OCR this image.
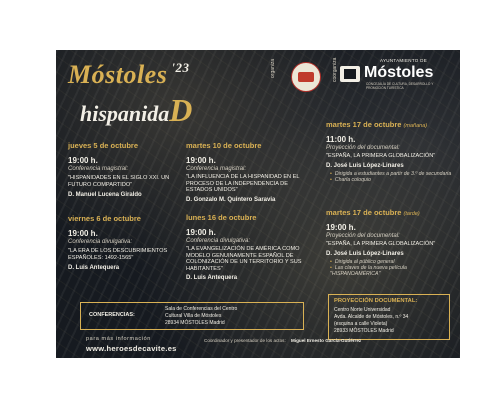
Móstoles $^{'23}$
hispanidaD
organiza	coorganiza	AYUNTAMIENTO DE
Móstoles
CONCEJALÍA DE CULTURA, DESARROLLO Y PROMOCIÓN TURÍSTICA
jueves 5 de octubre
19:00 h.
Conferencia magistral:
"HISPANIDADES EN EL SIGLO XXI. UN FUTURO COMPARTIDO"
D. Manuel Lucena Giraldo
viernes 6 de octubre
19:00 h.
Conferencia divulgativa:
"LA ERA DE LOS DESCUBRIMIENTOS ESPAÑOLES: 1492-1565"
D. Luis Antequera
martes 10 de octubre
19:00 h.
Conferencia magistral:
"LA INFLUENCIA DE LA HISPANIDAD EN EL PROCESO DE LA INDEPENDENCIA DE ESTADOS UNIDOS"
D. Gonzalo M. Quintero Saravia
lunes 16 de octubre
19:00 h.
Conferencia divulgativa:
"LA EVANGELIZACIÓN DE AMÉRICA COMO MODELO GENUINAMENTE ESPAÑOL DE COLONIZACIÓN DE UN TERRITORIO Y SUS HABITANTES"
D. Luis Antequera
martes 17 de octubre (mañana)
11:00 h.
Proyección del documental:
"ESPAÑA, LA PRIMERA GLOBALIZACIÓN"
D. José Luis López-Linares
• Dirigida a estudiantes a partir de 3.º de secundaria
• Charla coloquio
martes 17 de octubre (tarde)
19:00 h.
Proyección del documental:
"ESPAÑA, LA PRIMERA GLOBALIZACIÓN"
D. José Luis López-Linares
• Dirigida al público general
• Las claves de la nueva película "HISPANOAMÉRICA"
CONFERENCIAS:
Sala de Conferencias del Centro
Cultural Villa de Móstoles
28934 MÓSTOLES Madrid
PROYECCIÓN DOCUMENTAL:
Centro Norte Universidad
Avda. Alcalde de Móstoles, n.º 34
(esquina a calle Violeta)
28933 MÓSTOLES Madrid
para más información
www.heroesdecavite.es
Coordinador y presentador de los actos: Miguel Ernesto García-Gutiérrez
